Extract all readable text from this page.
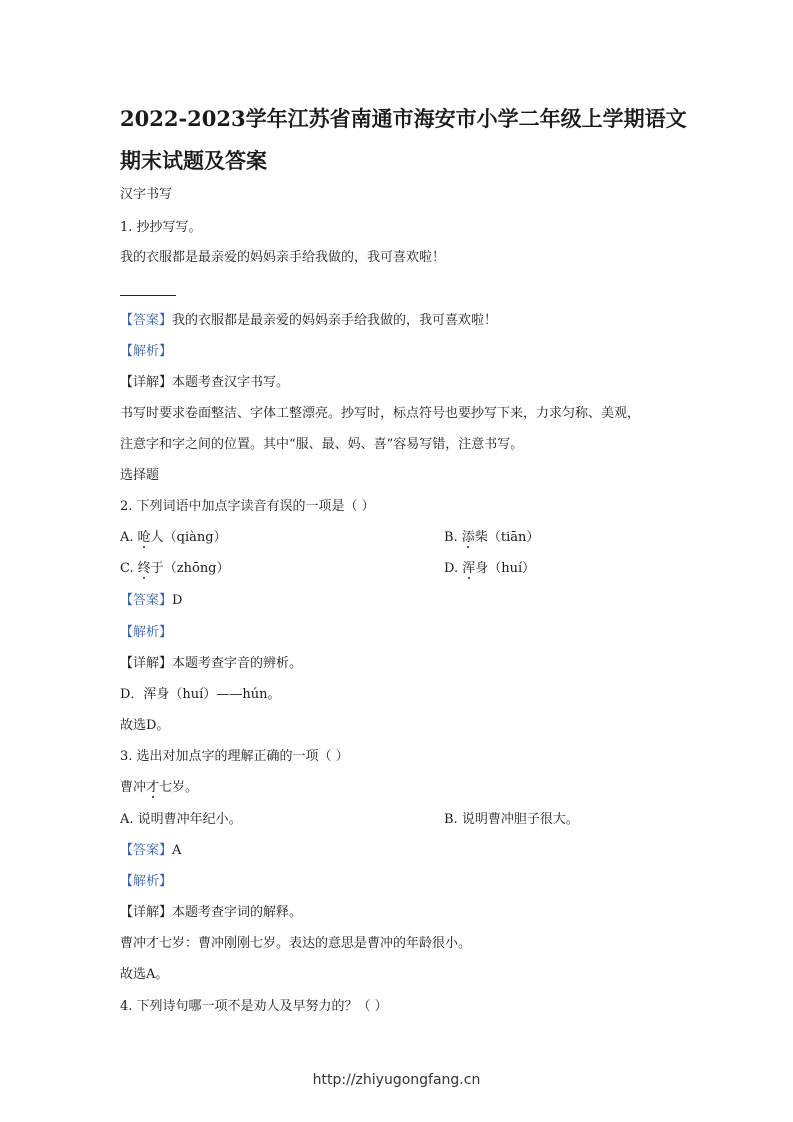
2022-2023学年江苏省南通市海安市小学二年级上学期语文
期末试题及答案
汉字书写
1. 抄抄写写。
我的衣服都是最亲爱的妈妈亲手给我做的，我可喜欢啦！
【答案】我的衣服都是最亲爱的妈妈亲手给我做的，我可喜欢啦！
【解析】
【详解】本题考查汉字书写。
书写时要求卷面整洁、字体工整漂亮。抄写时，标点符号也要抄写下来，力求匀称、美观，
注意字和字之间的位置。其中“服、最、妈、喜”容易写错，注意书写。
选择题
2. 下列词语中加点字读音有误的一项是（ ）
A. 呛人（qiàng）	B. 添柴（tiān）
C. 终于（zhōng）	D. 浑身（huí）
【答案】D
【解析】
【详解】本题考查字音的辨析。
D．浑身（huí）——hún。
故选D。
3. 选出对加点字的理解正确的一项（ ）
曹冲才七岁。
A. 说明曹冲年纪小。	B. 说明曹冲胆子很大。
【答案】A
【解析】
【详解】本题考查字词的解释。
曹冲才七岁：曹冲刚刚七岁。表达的意思是曹冲的年龄很小。
故选A。
4. 下列诗句哪一项不是劝人及早努力的？（ ）
http://zhiyugongfang.cn
